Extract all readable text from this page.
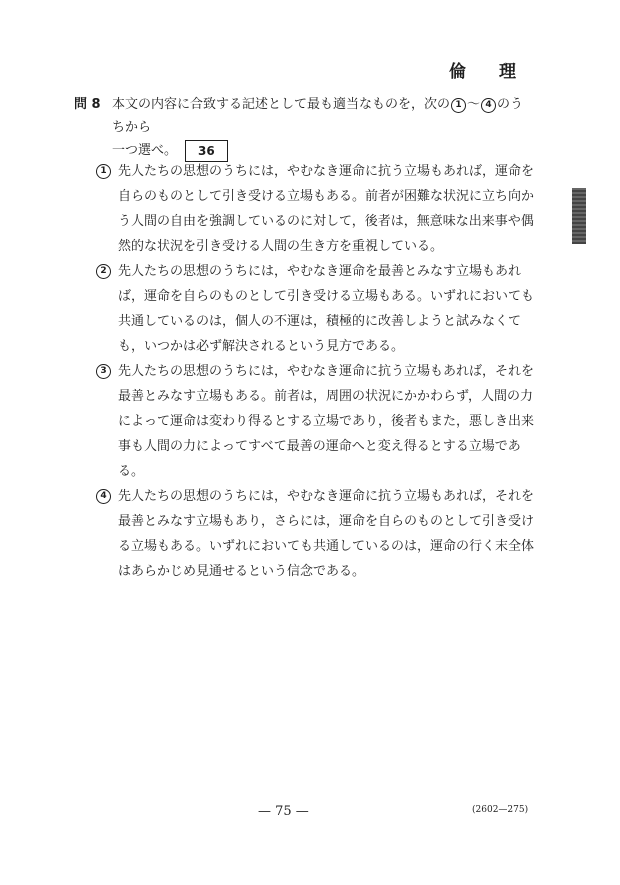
倫　理
問 8 本文の内容に合致する記述として最も適当なものを，次の 1 ～ 4 のうちから
一つ選べ。	36
1 先人たちの思想のうちには，やむなき運命に抗う立場もあれば，運命を自らのものとして引き受ける立場もある。前者が困難な状況に立ち向かう人間の自由を強調しているのに対して，後者は，無意味な出来事や偶然的な状況を引き受ける人間の生き方を重視している。
2 先人たちの思想のうちには，やむなき運命を最善とみなす立場もあれば，運命を自らのものとして引き受ける立場もある。いずれにおいても共通しているのは，個人の不運は，積極的に改善しようと試みなくても，いつかは必ず解決されるという見方である。
3 先人たちの思想のうちには，やむなき運命に抗う立場もあれば，それを最善とみなす立場もある。前者は，周囲の状況にかかわらず，人間の力によって運命は変わり得るとする立場であり，後者もまた，悪しき出来事も人間の力によってすべて最善の運命へと変え得るとする立場である。
4 先人たちの思想のうちには，やむなき運命に抗う立場もあれば，それを最善とみなす立場もあり，さらには，運命を自らのものとして引き受ける立場もある。いずれにおいても共通しているのは，運命の行く末全体はあらかじめ見通せるという信念である。
— 75 —	(2602—275)
